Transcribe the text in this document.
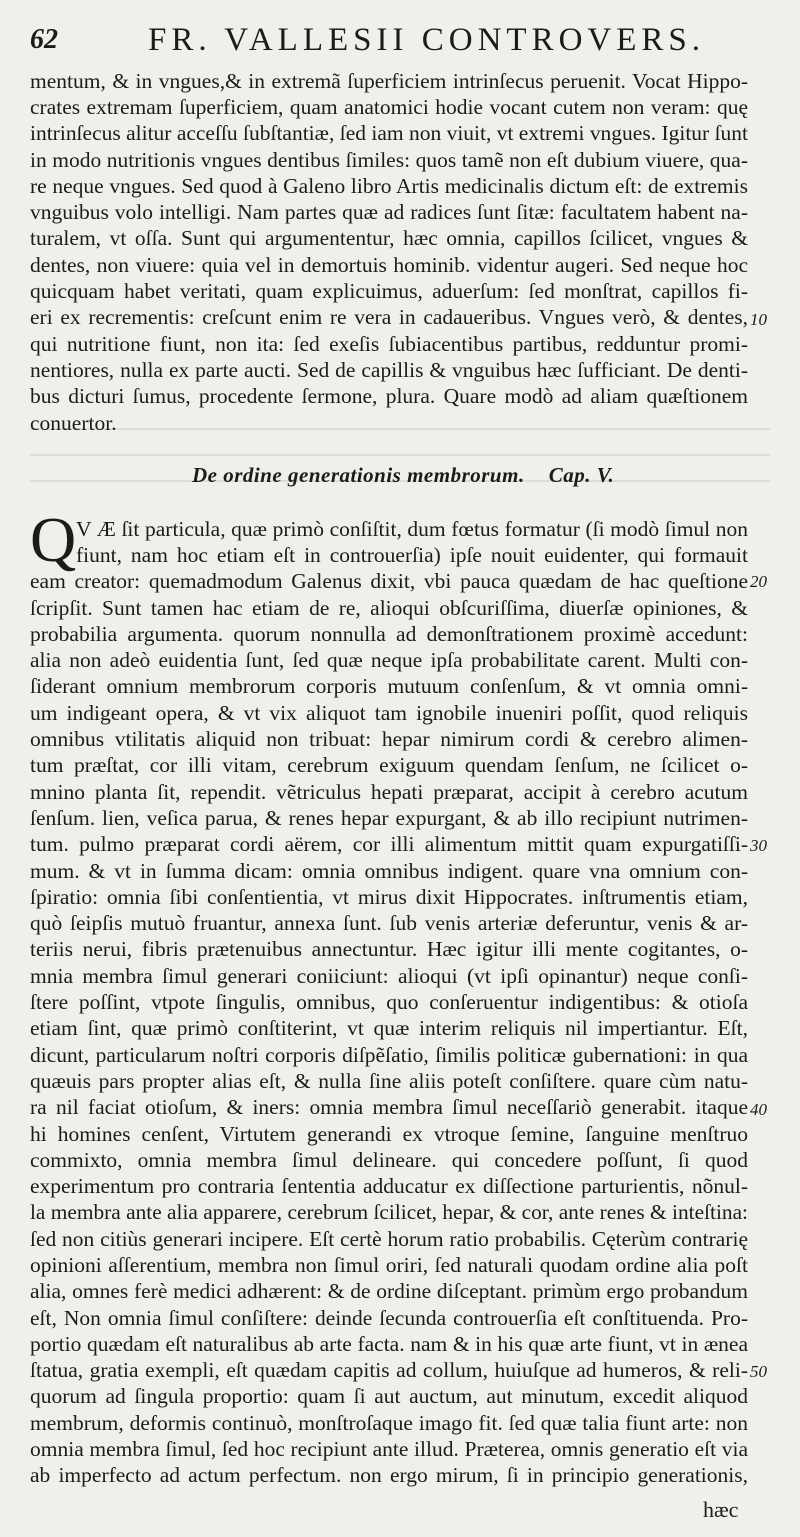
62	FR. VALLESII CONTROVERS.
mentum, & in vngues,& in extremã ſuperficiem intrinſecus peruenit. Vocat Hippo-
crates extremam ſuperficiem, quam anatomici hodie vocant cutem non veram: quę
intrinſecus alitur acceſſu ſubſtantiæ, ſed iam non viuit, vt extremi vngues. Igitur ſunt
in modo nutritionis vngues dentibus ſimiles: quos tamẽ non eſt dubium viuere, qua-
re neque vngues. Sed quod à Galeno libro Artis medicinalis dictum eſt: de extremis
vnguibus volo intelligi. Nam partes quæ ad radices ſunt ſitæ: facultatem habent na-
turalem, vt oſſa. Sunt qui argumententur, hæc omnia, capillos ſcilicet, vngues &
dentes, non viuere: quia vel in demortuis hominib. videntur augeri. Sed neque hoc
quicquam habet veritati, quam explicuimus, aduerſum: ſed monſtrat, capillos fi-
eri ex recrementis: creſcunt enim re vera in cadaueribus. Vngues verò, & dentes,
qui nutritione fiunt, non ita: ſed exeſis ſubiacentibus partibus, redduntur promi-
nentiores, nulla ex parte aucti. Sed de capillis & vnguibus hæc ſufficiant. De denti-
bus dicturi ſumus, procedente ſermone, plura. Quare modò ad aliam quæſtionem
conuertor.
De ordine generationis membrorum. Cap. V.
Q V Æ ſit particula, quæ primò conſiſtit, dum fœtus formatur (ſi modò ſimul non
fiunt, nam hoc etiam eſt in controuerſia) ipſe nouit euidenter, qui formauit
eam creator: quemadmodum Galenus dixit, vbi pauca quædam de hac queſtione
ſcripſit. Sunt tamen hac etiam de re, alioqui obſcuriſſima, diuerſæ opiniones, &
probabilia argumenta. quorum nonnulla ad demonſtrationem proximè accedunt:
alia non adeò euidentia ſunt, ſed quæ neque ipſa probabilitate carent. Multi con-
ſiderant omnium membrorum corporis mutuum conſenſum, & vt omnia omni-
um indigeant opera, & vt vix aliquot tam ignobile inueniri poſſit, quod reliquis
omnibus vtilitatis aliquid non tribuat: hepar nimirum cordi & cerebro alimen-
tum præſtat, cor illi vitam, cerebrum exiguum quendam ſenſum, ne ſcilicet o-
mnino planta ſit, rependit. vẽtriculus hepati præparat, accipit à cerebro acutum
ſenſum. lien, veſica parua, & renes hepar expurgant, & ab illo recipiunt nutrimen-
tum. pulmo præparat cordi aërem, cor illi alimentum mittit quam expurgatiſſi-
mum. & vt in ſumma dicam: omnia omnibus indigent. quare vna omnium con-
ſpiratio: omnia ſibi conſentientia, vt mirus dixit Hippocrates. inſtrumentis etiam,
quò ſeipſis mutuò fruantur, annexa ſunt. ſub venis arteriæ deferuntur, venis & ar-
teriis nerui, fibris prætenuibus annectuntur. Hæc igitur illi mente cogitantes, o-
mnia membra ſimul generari coniiciunt: alioqui (vt ipſi opinantur) neque conſi-
ſtere poſſint, vtpote ſingulis, omnibus, quo conſeruentur indigentibus: & otioſa
etiam ſint, quæ primò conſtiterint, vt quæ interim reliquis nil impertiantur. Eſt,
dicunt, particularum noſtri corporis diſpẽſatio, ſimilis politicæ gubernationi: in qua
quæuis pars propter alias eſt, & nulla ſine aliis poteſt conſiſtere. quare cùm natu-
ra nil faciat otioſum, & iners: omnia membra ſimul neceſſariò generabit. itaque
hi homines cenſent, Virtutem generandi ex vtroque ſemine, ſanguine menſtruo
commixto, omnia membra ſimul delineare. qui concedere poſſunt, ſi quod
experimentum pro contraria ſententia adducatur ex diſſectione parturientis, nõnul-
la membra ante alia apparere, cerebrum ſcilicet, hepar, & cor, ante renes & inteſtina:
ſed non citiùs generari incipere. Eſt certè horum ratio probabilis. Cęterùm contrarię
opinioni aſſerentium, membra non ſimul oriri, ſed naturali quodam ordine alia poſt
alia, omnes ferè medici adhærent: & de ordine diſceptant. primùm ergo probandum
eſt, Non omnia ſimul conſiſtere: deinde ſecunda controuerſia eſt conſtituenda. Pro-
portio quædam eſt naturalibus ab arte facta. nam & in his quæ arte fiunt, vt in ænea
ſtatua, gratia exempli, eſt quædam capitis ad collum, huiuſque ad humeros, & reli-
quorum ad ſingula proportio: quam ſi aut auctum, aut minutum, excedit aliquod
membrum, deformis continuò, monſtroſaque imago fit. ſed quæ talia fiunt arte: non
omnia membra ſimul, ſed hoc recipiunt ante illud. Præterea, omnis generatio eſt via
ab imperfecto ad actum perfectum. non ergo mirum, ſi in principio generationis,
hæc
10
20
30
40
50
